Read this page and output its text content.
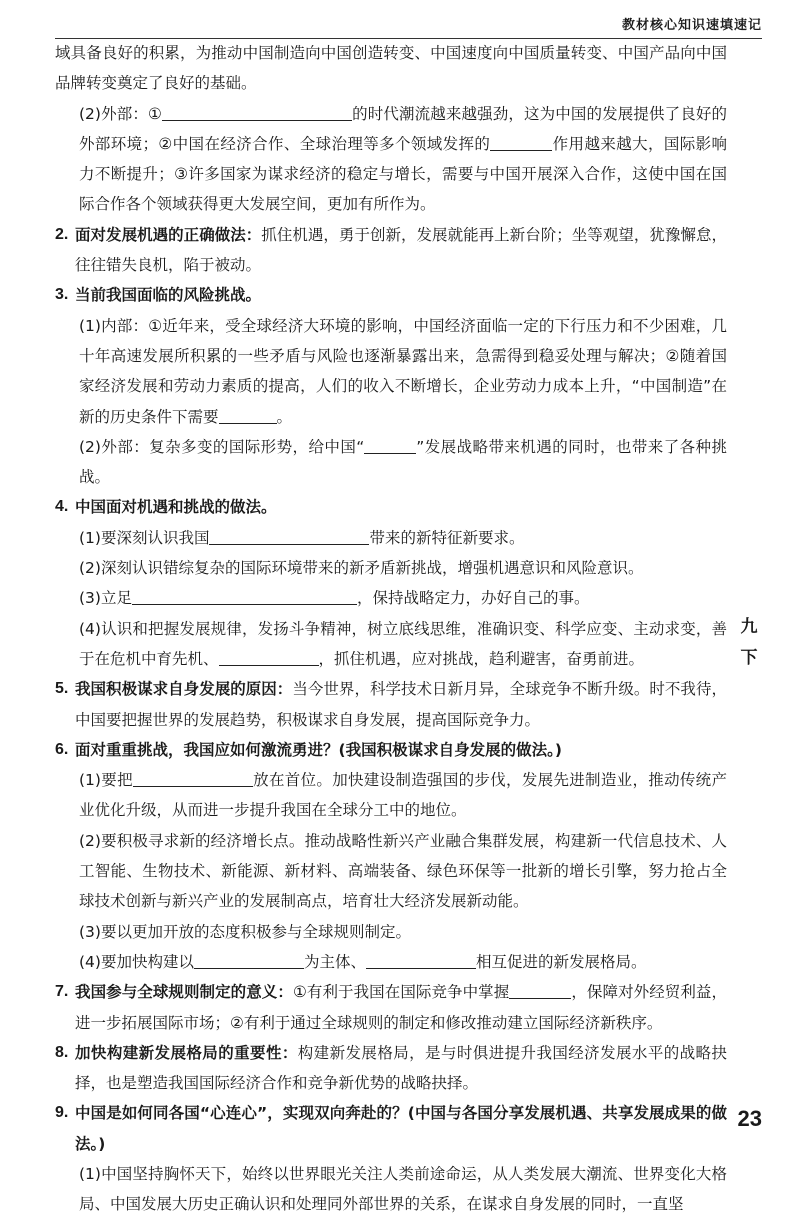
教材核心知识速填速记

域具备良好的积累，为推动中国制造向中国创造转变、中国速度向中国质量转变、中国产品向中国品牌转变奠定了良好的基础。

(2)外部：①	的时代潮流越来越强劲，这为中国的发展提供了良好的外部环境；②中国在经济合作、全球治理等多个领域发挥的	作用越来越大，国际影响力不断提升；③许多国家为谋求经济的稳定与增长，需要与中国开展深入合作，这使中国在国际合作各个领域获得更大发展空间，更加有所作为。

2. 面对发展机遇的正确做法：抓住机遇，勇于创新，发展就能再上新台阶；坐等观望，犹豫懈怠，往往错失良机，陷于被动。
3. 当前我国面临的风险挑战。

(1)内部：①近年来，受全球经济大环境的影响，中国经济面临一定的下行压力和不少困难，几十年高速发展所积累的一些矛盾与风险也逐渐暴露出来，急需得到稳妥处理与解决；②随着国家经济发展和劳动力素质的提高，人们的收入不断增长，企业劳动力成本上升，“中国制造”在新的历史条件下需要	。

(2)外部：复杂多变的国际形势，给中国“	”发展战略带来机遇的同时，也带来了各种挑战。

4. 中国面对机遇和挑战的做法。

(1)要深刻认识我国	带来的新特征新要求。

(2)深刻认识错综复杂的国际环境带来的新矛盾新挑战，增强机遇意识和风险意识。

(3)立足	，保持战略定力，办好自己的事。

(4)认识和把握发展规律，发扬斗争精神，树立底线思维，准确识变、科学应变、主动求变，善于在危机中育先机、	，抓住机遇，应对挑战，趋利避害，奋勇前进。

5. 我国积极谋求自身发展的原因：当今世界，科学技术日新月异，全球竞争不断升级。时不我待，中国要把握世界的发展趋势，积极谋求自身发展，提高国际竞争力。
6. 面对重重挑战，我国应如何激流勇进？(我国积极谋求自身发展的做法。)

(1)要把	放在首位。加快建设制造强国的步伐，发展先进制造业，推动传统产业优化升级，从而进一步提升我国在全球分工中的地位。

(2)要积极寻求新的经济增长点。推动战略性新兴产业融合集群发展，构建新一代信息技术、人工智能、生物技术、新能源、新材料、高端装备、绿色环保等一批新的增长引擎，努力抢占全球技术创新与新兴产业的发展制高点，培育壮大经济发展新动能。

(3)要以更加开放的态度积极参与全球规则制定。

(4)要加快构建以	为主体、	相互促进的新发展格局。

7. 我国参与全球规则制定的意义：①有利于我国在国际竞争中掌握	，保障对外经贸利益，进一步拓展国际市场；②有利于通过全球规则的制定和修改推动建立国际经济新秩序。
8. 加快构建新发展格局的重要性：构建新发展格局，是与时俱进提升我国经济发展水平的战略抉择，也是塑造我国国际经济合作和竞争新优势的战略抉择。
9. 中国是如何同各国“心连心”，实现双向奔赴的？(中国与各国分享发展机遇、共享发展成果的做法。)

(1)中国坚持胸怀天下，始终以世界眼光关注人类前途命运，从人类发展大潮流、世界变化大格局、中国发展大历史正确认识和处理同外部世界的关系，在谋求自身发展的同时，一直坚

九
下
23
